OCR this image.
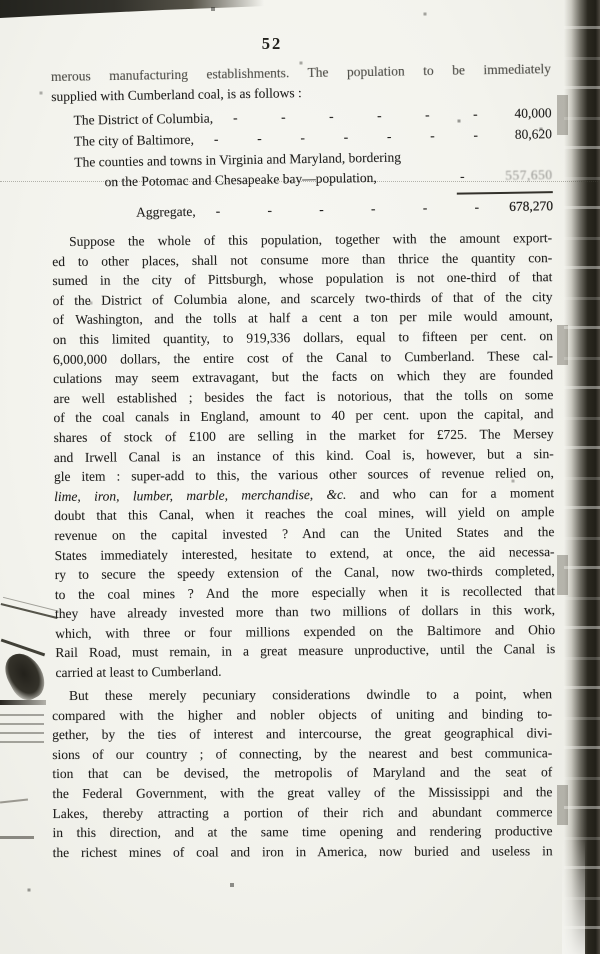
52
merous manufacturing establishments. The population to be immediately
supplied with Cumberland coal, is as follows :
The District of Columbia,	- - - - - -	40,000
The city of Baltimore,	- - - - - - -	80,620
The counties and towns in Virginia and Maryland, bordering
on the Potomac and Chesapeake bay—population,	-	557,650
Aggregate,	- - - - - -	678,270
Suppose the whole of this population, together with the amount export-
ed to other places, shall not consume more than thrice the quantity con-
sumed in the city of Pittsburgh, whose population is not one-third of that
of the District of Columbia alone, and scarcely two-thirds of that of the city
of Washington, and the tolls at half a cent a ton per mile would amount,
on this limited quantity, to 919,336 dollars, equal to fifteen per cent. on
6,000,000 dollars, the entire cost of the Canal to Cumberland. These cal-
culations may seem extravagant, but the facts on which they are founded
are well established ; besides the fact is notorious, that the tolls on some
of the coal canals in England, amount to 40 per cent. upon the capital, and
shares of stock of £100 are selling in the market for £725. The Mersey
and Irwell Canal is an instance of this kind. Coal is, however, but a sin-
gle item : super-add to this, the various other sources of revenue relied on,
lime, iron, lumber, marble, merchandise, &c. and who can for a moment
doubt that this Canal, when it reaches the coal mines, will yield on ample
revenue on the capital invested ? And can the United States and the
States immediately interested, hesitate to extend, at once, the aid necessa-
ry to secure the speedy extension of the Canal, now two-thirds completed,
to the coal mines ? And the more especially when it is recollected that
they have already invested more than two millions of dollars in this work,
which, with three or four millions expended on the Baltimore and Ohio
Rail Road, must remain, in a great measure unproductive, until the Canal is
carried at least to Cumberland.
But these merely pecuniary considerations dwindle to a point, when
compared with the higher and nobler objects of uniting and binding to-
gether, by the ties of interest and intercourse, the great geographical divi-
sions of our country ; of connecting, by the nearest and best communica-
tion that can be devised, the metropolis of Maryland and the seat of
the Federal Government, with the great valley of the Mississippi and the
Lakes, thereby attracting a portion of their rich and abundant commerce
in this direction, and at the same time opening and rendering productive
the richest mines of coal and iron in America, now buried and useless in
